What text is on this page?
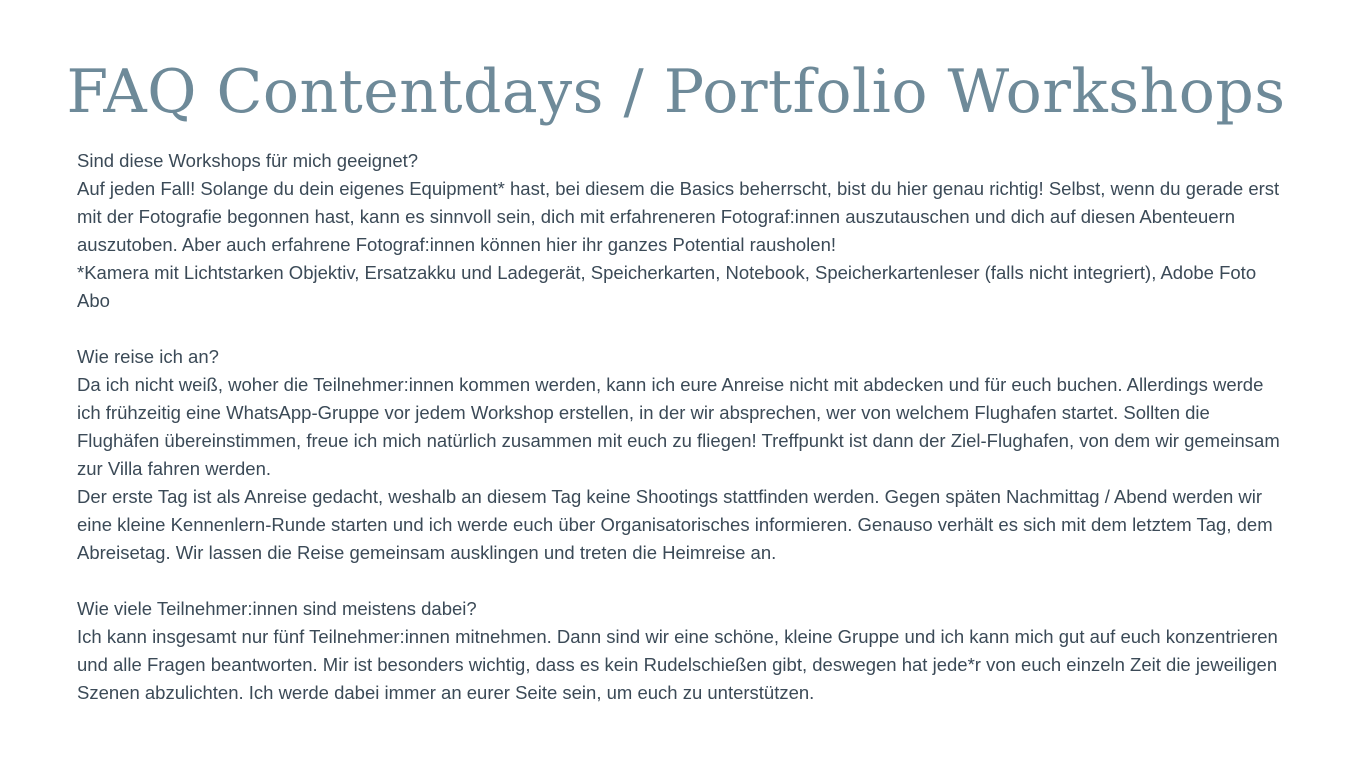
FAQ Contentdays / Portfolio Workshops

Sind diese Workshops für mich geeignet?

Auf jeden Fall! Solange du dein eigenes Equipment* hast, bei diesem die Basics beherrscht, bist du hier genau richtig! Selbst, wenn du gerade erst mit der Fotografie begonnen hast, kann es sinnvoll sein, dich mit erfahreneren Fotograf:innen auszutauschen und dich auf diesen Abenteuern auszutoben. Aber auch erfahrene Fotograf:innen können hier ihr ganzes Potential rausholen!

*Kamera mit Lichtstarken Objektiv, Ersatzakku und Ladegerät, Speicherkarten, Notebook, Speicherkartenleser (falls nicht integriert), Adobe Foto Abo

Wie reise ich an?

Da ich nicht weiß, woher die Teilnehmer:innen kommen werden, kann ich eure Anreise nicht mit abdecken und für euch buchen. Allerdings werde ich frühzeitig eine WhatsApp-Gruppe vor jedem Workshop erstellen, in der wir absprechen, wer von welchem Flughafen startet. Sollten die Flughäfen übereinstimmen, freue ich mich natürlich zusammen mit euch zu fliegen! Treffpunkt ist dann der Ziel-Flughafen, von dem wir gemeinsam zur Villa fahren werden.

Der erste Tag ist als Anreise gedacht, weshalb an diesem Tag keine Shootings stattfinden werden. Gegen späten Nachmittag / Abend werden wir eine kleine Kennenlern-Runde starten und ich werde euch über Organisatorisches informieren. Genauso verhält es sich mit dem letztem Tag, dem Abreisetag. Wir lassen die Reise gemeinsam ausklingen und treten die Heimreise an.

Wie viele Teilnehmer:innen sind meistens dabei?

Ich kann insgesamt nur fünf Teilnehmer:innen mitnehmen. Dann sind wir eine schöne, kleine Gruppe und ich kann mich gut auf euch konzentrieren und alle Fragen beantworten. Mir ist besonders wichtig, dass es kein Rudelschießen gibt, deswegen hat jede*r von euch einzeln Zeit die jeweiligen Szenen abzulichten. Ich werde dabei immer an eurer Seite sein, um euch zu unterstützen.
